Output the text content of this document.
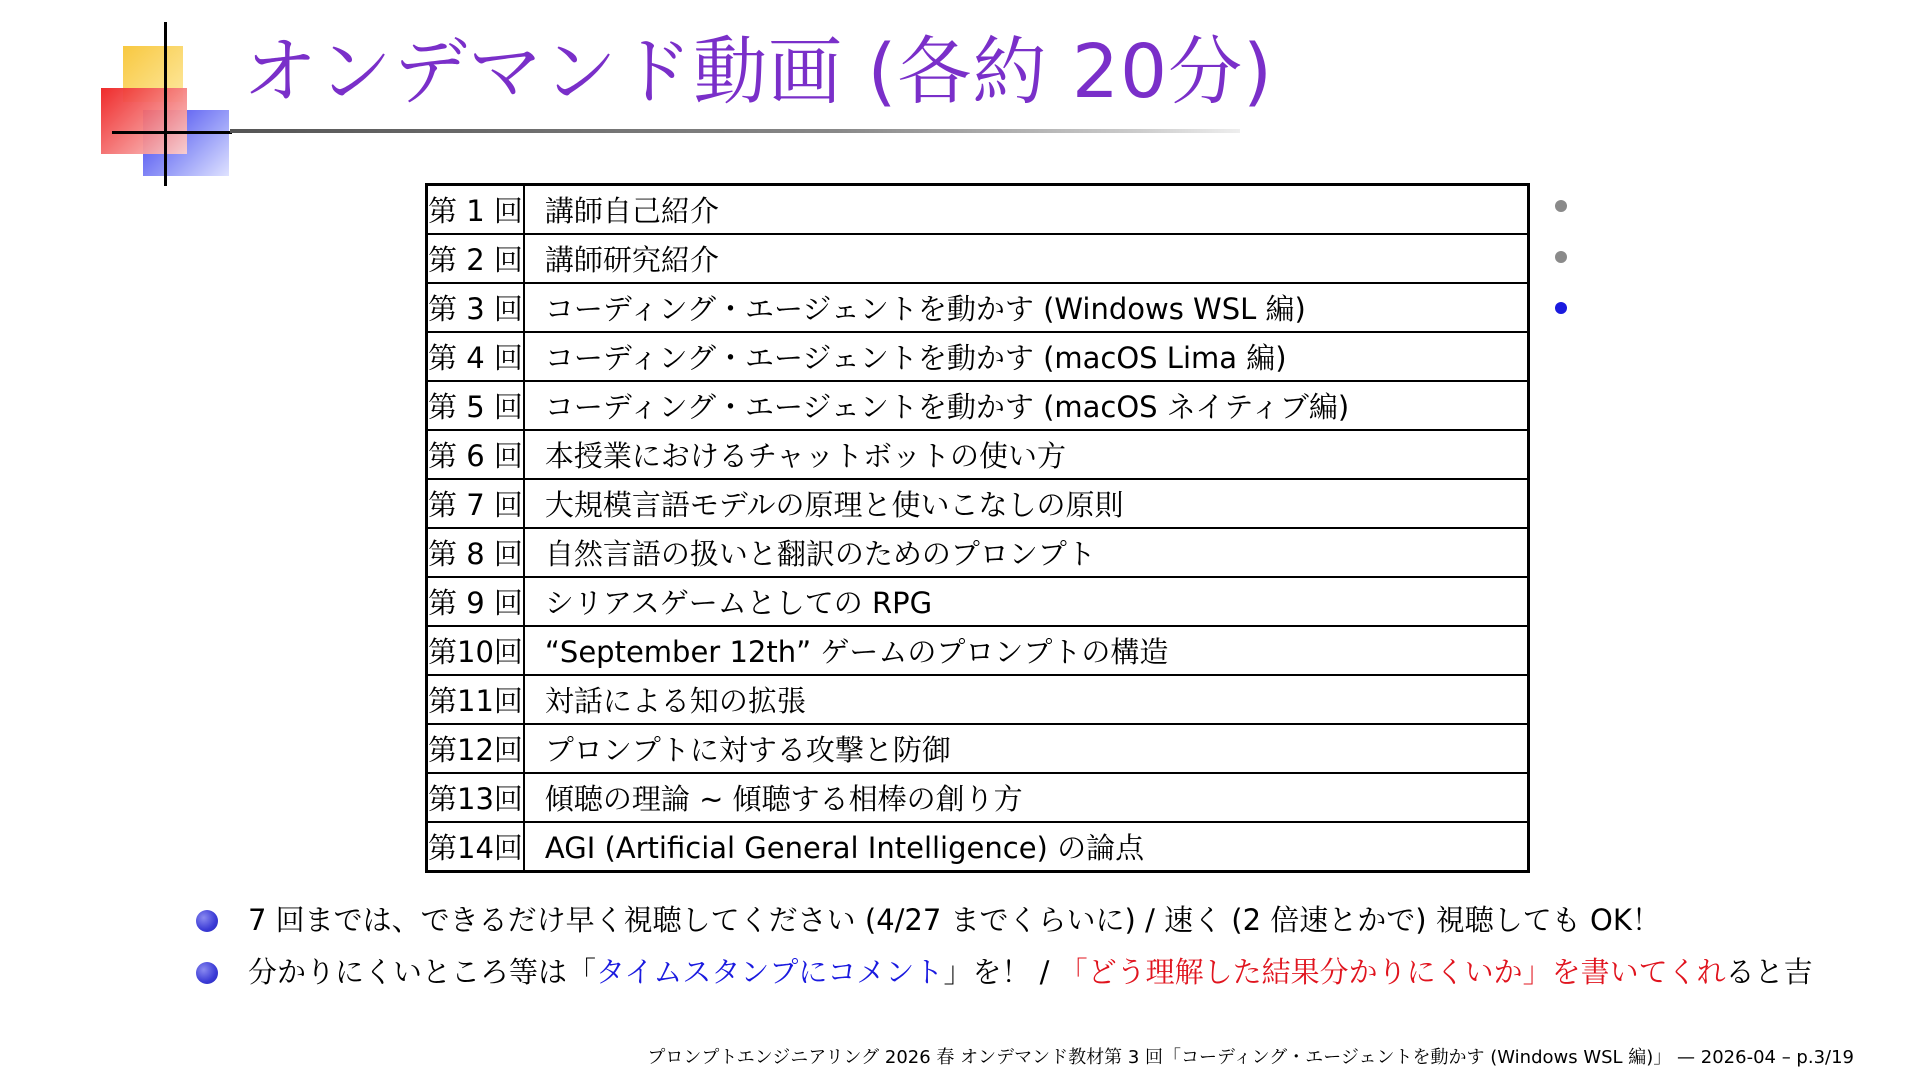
オンデマンド動画 (各約 20分)
第 1 回	講師自己紹介
第 2 回	講師研究紹介
第 3 回	コーディング・エージェントを動かす (Windows WSL 編)
第 4 回	コーディング・エージェントを動かす (macOS Lima 編)
第 5 回	コーディング・エージェントを動かす (macOS ネイティブ編)
第 6 回	本授業におけるチャットボットの使い方
第 7 回	大規模言語モデルの原理と使いこなしの原則
第 8 回	自然言語の扱いと翻訳のためのプロンプト
第 9 回	シリアスゲームとしての RPG
第10回	“September 12th” ゲームのプロンプトの構造
第11回	対話による知の拡張
第12回	プロンプトに対する攻撃と防御
第13回	傾聴の理論 ∼ 傾聴する相棒の創り方
第14回	AGI (Artificial General Intelligence) の論点
7 回までは、できるだけ早く視聴してください (4/27 までくらいに) / 速く (2 倍速とかで) 視聴しても OK！
分かりにくいところ等は「タイムスタンプにコメント」を！ / 「どう理解した結果分かりにくいか」を書いてくれると吉
プロンプトエンジニアリング 2026 春 オンデマンド教材第 3 回「コーディング・エージェントを動かす (Windows WSL 編)」 — 2026-04 – p.3/19
